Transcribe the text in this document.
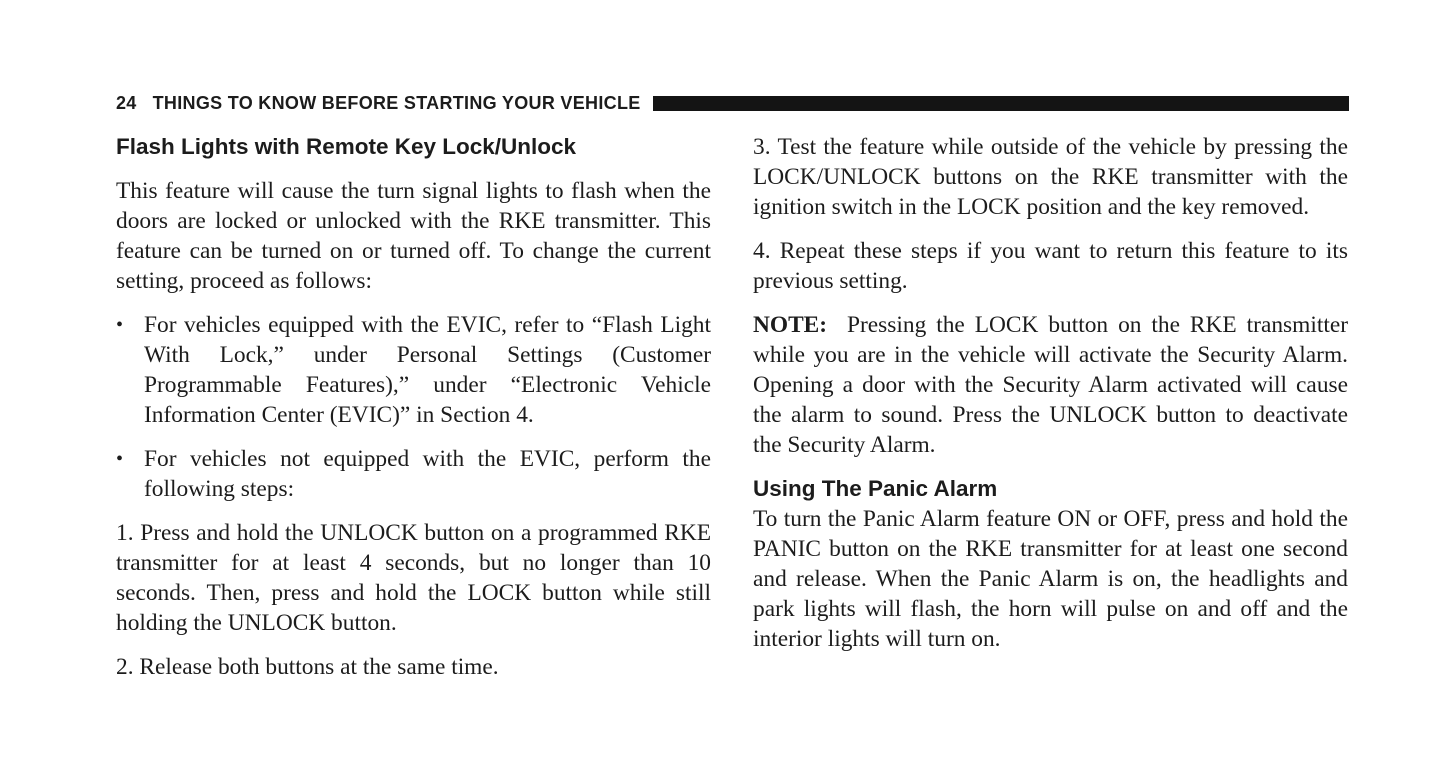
24 THINGS TO KNOW BEFORE STARTING YOUR VEHICLE
Flash Lights with Remote Key Lock/Unlock

This feature will cause the turn signal lights to flash when the doors are locked or unlocked with the RKE transmitter. This feature can be turned on or turned off. To change the current setting, proceed as follows:

• For vehicles equipped with the EVIC, refer to “Flash Light With Lock,” under Personal Settings (Customer Programmable Features),” under “Electronic Vehicle Information Center (EVIC)” in Section 4.
• For vehicles not equipped with the EVIC, perform the following steps:

1. Press and hold the UNLOCK button on a programmed RKE transmitter for at least 4 seconds, but no longer than 10 seconds. Then, press and hold the LOCK button while still holding the UNLOCK button.

2. Release both buttons at the same time.

3. Test the feature while outside of the vehicle by pressing the LOCK/UNLOCK buttons on the RKE transmitter with the ignition switch in the LOCK position and the key removed.

4. Repeat these steps if you want to return this feature to its previous setting.

NOTE: Pressing the LOCK button on the RKE transmitter while you are in the vehicle will activate the Security Alarm. Opening a door with the Security Alarm activated will cause the alarm to sound. Press the UNLOCK button to deactivate the Security Alarm.

Using The Panic Alarm

To turn the Panic Alarm feature ON or OFF, press and hold the PANIC button on the RKE transmitter for at least one second and release. When the Panic Alarm is on, the headlights and park lights will flash, the horn will pulse on and off and the interior lights will turn on.
